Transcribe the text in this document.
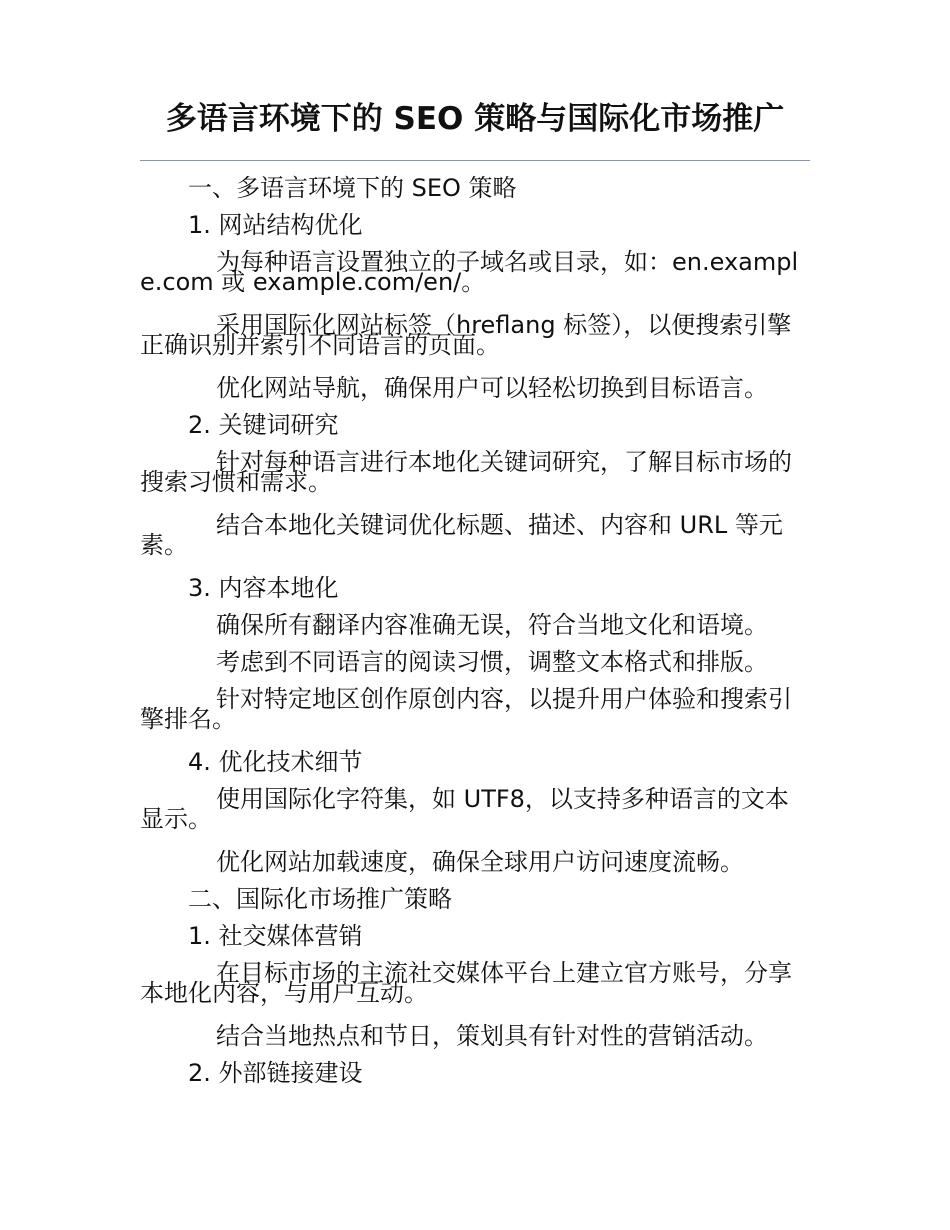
多语言环境下的 SEO 策略与国际化市场推广
一、多语言环境下的 SEO 策略
1. 网站结构优化
为每种语言设置独立的子域名或目录，如：en.example.com 或 example.com/en/。
采用国际化网站标签（hreflang 标签），以便搜索引擎正确识别并索引不同语言的页面。
优化网站导航，确保用户可以轻松切换到目标语言。
2. 关键词研究
针对每种语言进行本地化关键词研究，了解目标市场的搜索习惯和需求。
结合本地化关键词优化标题、描述、内容和 URL 等元素。
3. 内容本地化
确保所有翻译内容准确无误，符合当地文化和语境。
考虑到不同语言的阅读习惯，调整文本格式和排版。
针对特定地区创作原创内容，以提升用户体验和搜索引擎排名。
4. 优化技术细节
使用国际化字符集，如 UTF8，以支持多种语言的文本显示。
优化网站加载速度，确保全球用户访问速度流畅。
二、国际化市场推广策略
1. 社交媒体营销
在目标市场的主流社交媒体平台上建立官方账号，分享本地化内容，与用户互动。
结合当地热点和节日，策划具有针对性的营销活动。
2. 外部链接建设
